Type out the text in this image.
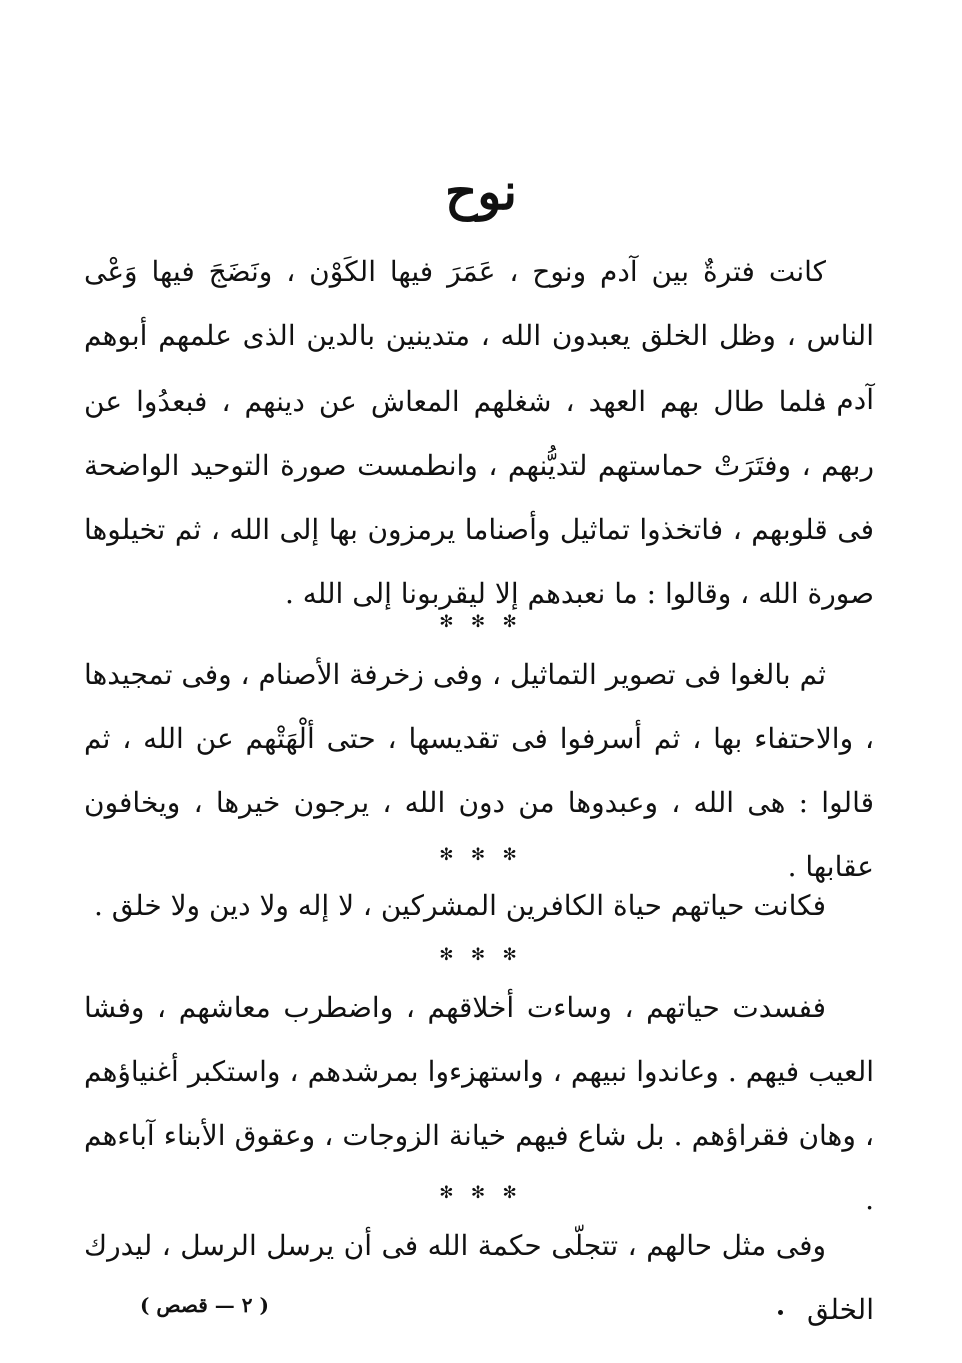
نوح

كانت فترةٌ بين آدم ونوح ، عَمَرَ فيها الكَوْن ، ونَضَجَ فيها وَعْى الناس ، وظل الخلق يعبدون الله ، متدينين بالدين الذى علمهم أبوهم آدم .

فلما طال بهم العهد ، شغلهم المعاش عن دينهم ، فبعدُوا عن ربهم ، وفتَرَتْ حماستهم لتديُّنهم ، وانطمست صورة التوحيد الواضحة فى قلوبهم ، فاتخذوا تماثيل وأصناما يرمزون بها إلى الله ، ثم تخيلوها صورة الله ، وقالوا : ما نعبدهم إلا ليقربونا إلى الله .

✻ ✻ ✻

ثم بالغوا فى تصوير التماثيل ، وفى زخرفة الأصنام ، وفى تمجيدها ، والاحتفاء بها ، ثم أسرفوا فى تقديسها ، حتى ألْهَتْهم عن الله ، ثم قالوا : هى الله ، وعبدوها من دون الله ، يرجون خيرها ، ويخافون عقابها .

✻ ✻ ✻

فكانت حياتهم حياة الكافرين المشركين ، لا إله ولا دين ولا خلق .

✻ ✻ ✻

ففسدت حياتهم ، وساءت أخلاقهم ، واضطرب معاشهم ، وفشا العيب فيهم . وعاندوا نبيهم ، واستهزءوا بمرشدهم ، واستكبر أغنياؤهم ، وهان فقراؤهم . بل شاع فيهم خيانة الزوجات ، وعقوق الأبناء آباءهم .

✻ ✻ ✻

وفى مثل حالهم ، تتجلّى حكمة الله فى أن يرسل الرسل ، ليدرك الخلق

( ٢ — قصص )
